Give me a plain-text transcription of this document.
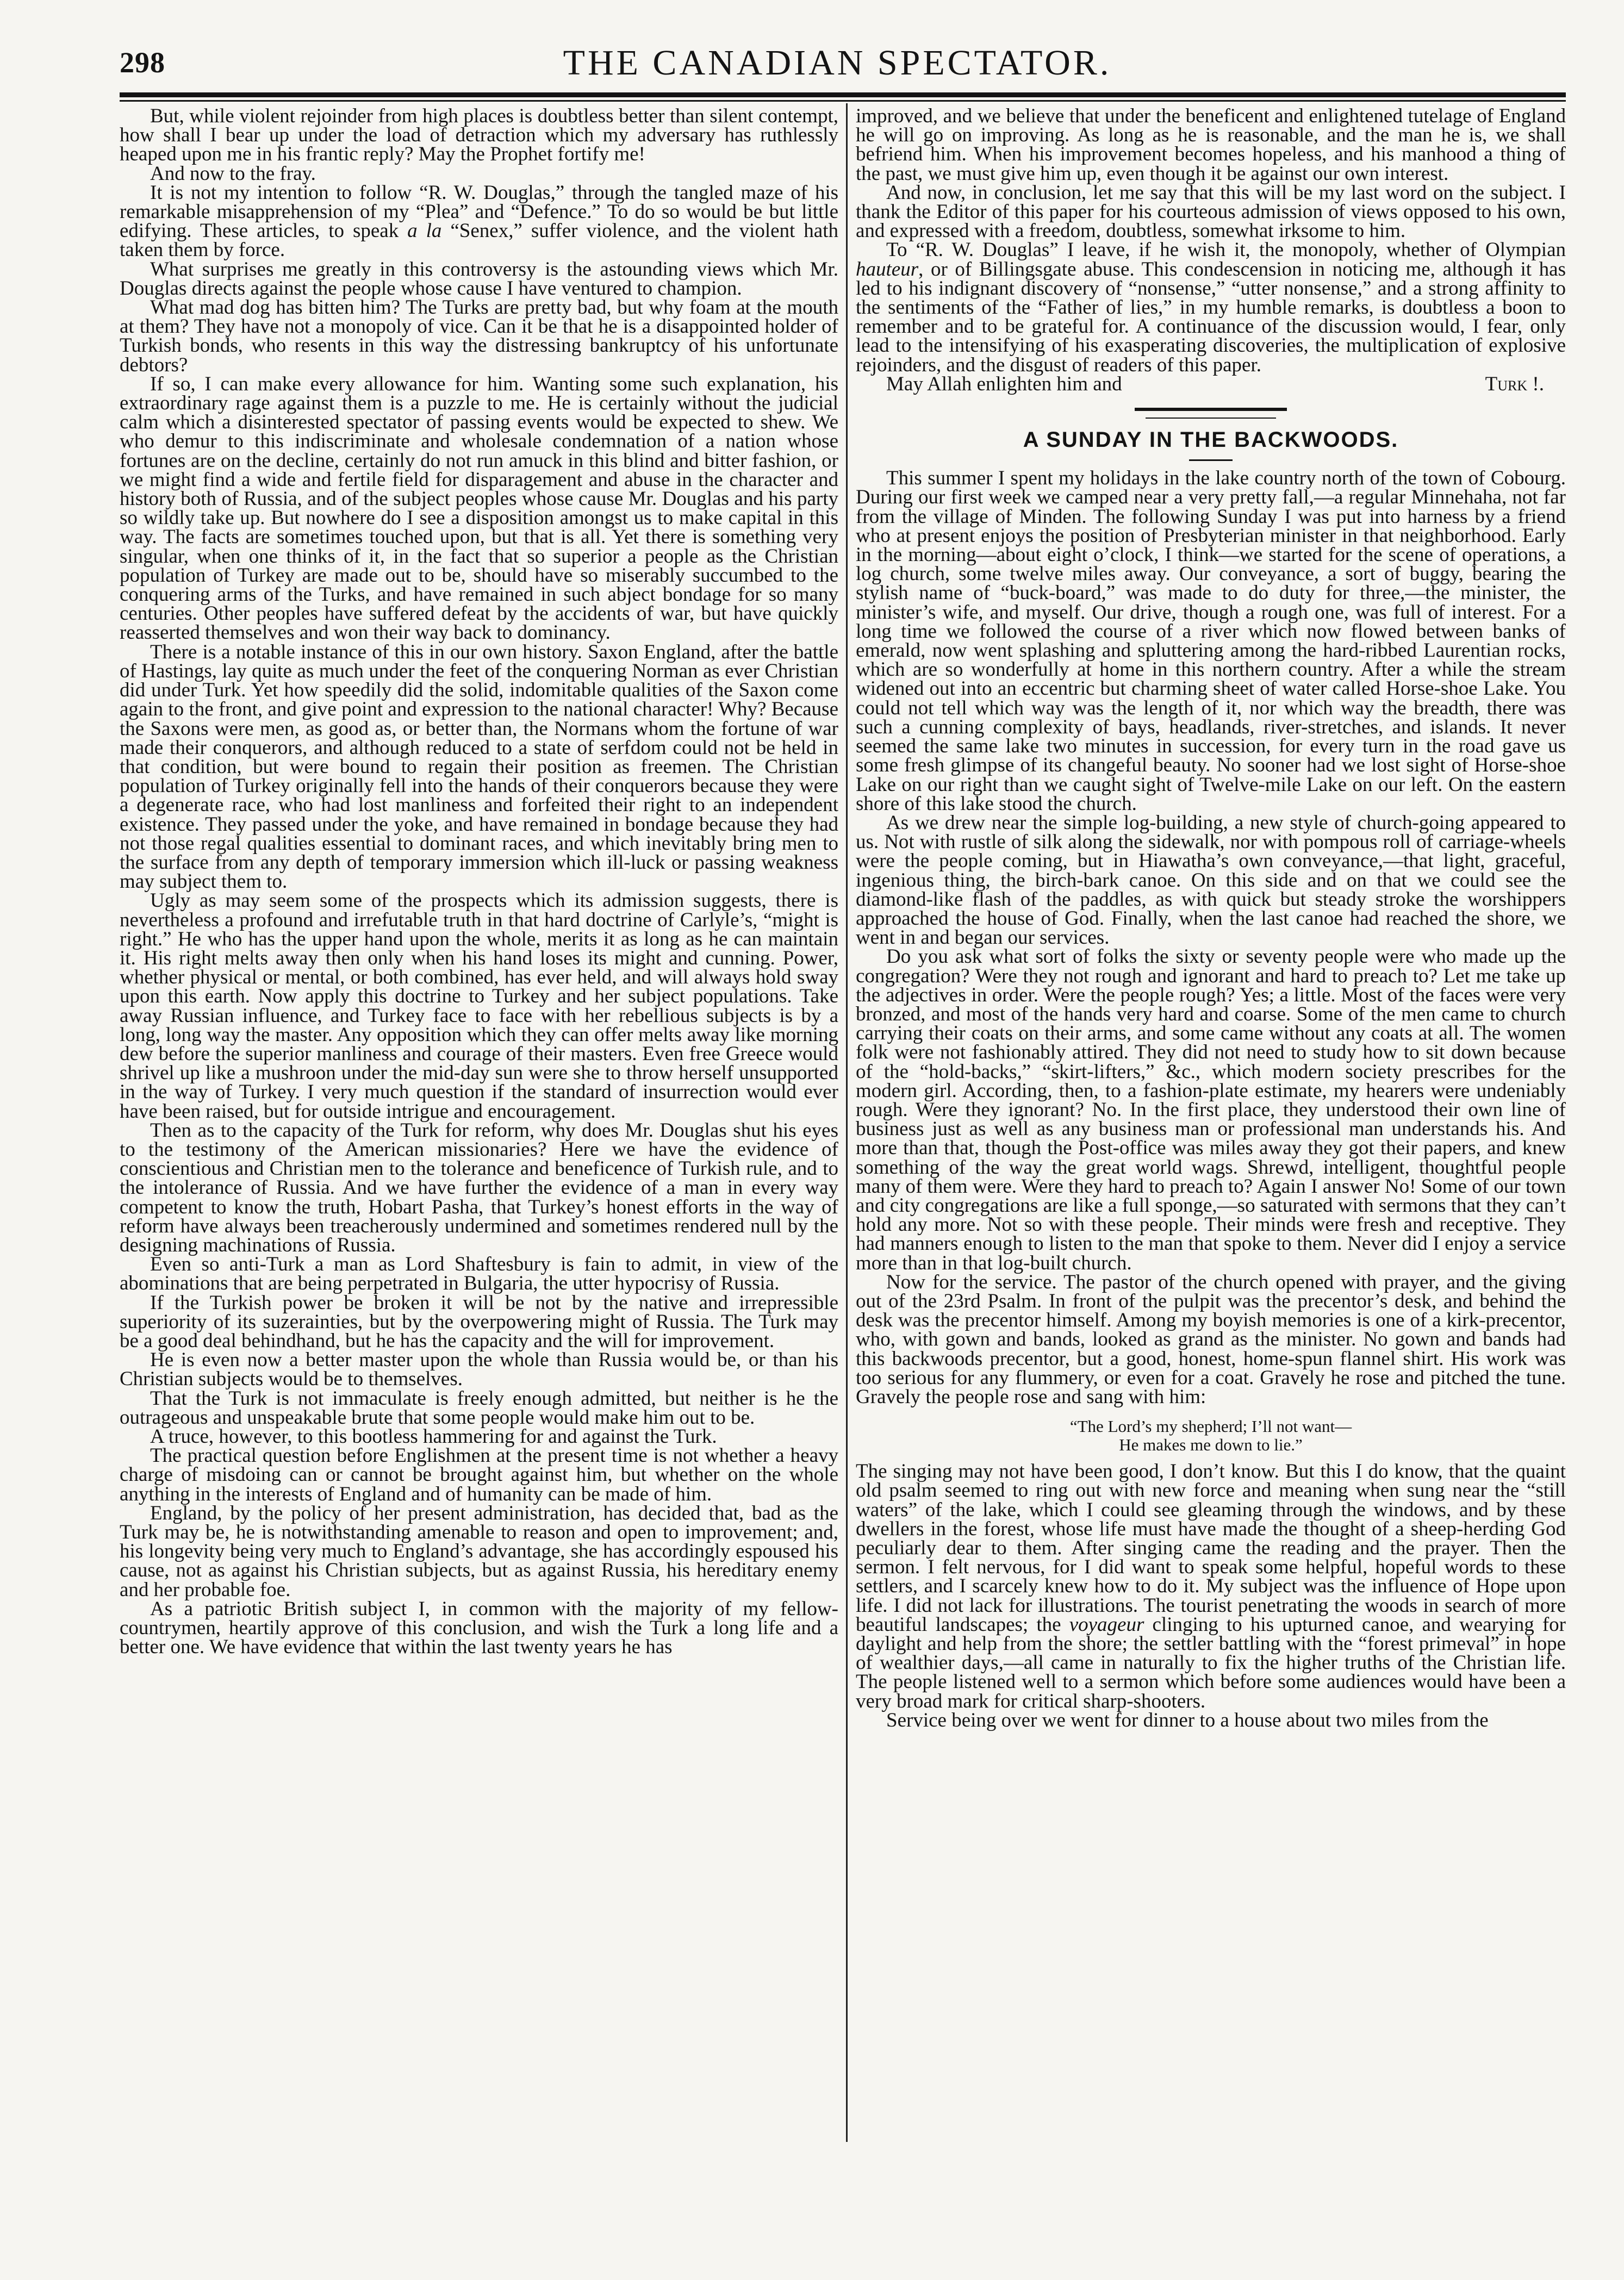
298	THE CANADIAN SPECTATOR.

But, while violent rejoinder from high places is doubtless better than silent contempt, how shall I bear up under the load of detraction which my adversary has ruthlessly heaped upon me in his frantic reply? May the Prophet fortify me!

And now to the fray.

It is not my intention to follow “R. W. Douglas,” through the tangled maze of his remarkable misapprehension of my “Plea” and “Defence.” To do so would be but little edifying. These articles, to speak a la “Senex,” suffer violence, and the violent hath taken them by force.

What surprises me greatly in this controversy is the astounding views which Mr. Douglas directs against the people whose cause I have ventured to champion.

What mad dog has bitten him? The Turks are pretty bad, but why foam at the mouth at them? They have not a monopoly of vice. Can it be that he is a disappointed holder of Turkish bonds, who resents in this way the distressing bankruptcy of his unfortunate debtors?

If so, I can make every allowance for him. Wanting some such explanation, his extraordinary rage against them is a puzzle to me. He is certainly without the judicial calm which a disinterested spectator of passing events would be expected to shew. We who demur to this indiscriminate and wholesale condemnation of a nation whose fortunes are on the decline, certainly do not run amuck in this blind and bitter fashion, or we might find a wide and fertile field for disparagement and abuse in the character and history both of Russia, and of the subject peoples whose cause Mr. Douglas and his party so wildly take up. But nowhere do I see a disposition amongst us to make capital in this way. The facts are sometimes touched upon, but that is all. Yet there is something very singular, when one thinks of it, in the fact that so superior a people as the Christian population of Turkey are made out to be, should have so miserably succumbed to the conquering arms of the Turks, and have remained in such abject bondage for so many centuries. Other peoples have suffered defeat by the accidents of war, but have quickly reasserted themselves and won their way back to dominancy.

There is a notable instance of this in our own history. Saxon England, after the battle of Hastings, lay quite as much under the feet of the conquering Norman as ever Christian did under Turk. Yet how speedily did the solid, indomitable qualities of the Saxon come again to the front, and give point and expression to the national character! Why? Because the Saxons were men, as good as, or better than, the Normans whom the fortune of war made their conquerors, and although reduced to a state of serfdom could not be held in that condition, but were bound to regain their position as freemen. The Christian population of Turkey originally fell into the hands of their conquerors because they were a degenerate race, who had lost manliness and forfeited their right to an independent existence. They passed under the yoke, and have remained in bondage because they had not those regal qualities essential to dominant races, and which inevitably bring men to the surface from any depth of temporary immersion which ill-luck or passing weakness may subject them to.

Ugly as may seem some of the prospects which its admission suggests, there is nevertheless a profound and irrefutable truth in that hard doctrine of Carlyle’s, “might is right.” He who has the upper hand upon the whole, merits it as long as he can maintain it. His right melts away then only when his hand loses its might and cunning. Power, whether physical or mental, or both combined, has ever held, and will always hold sway upon this earth. Now apply this doctrine to Turkey and her subject populations. Take away Russian influence, and Turkey face to face with her rebellious subjects is by a long, long way the master. Any opposition which they can offer melts away like morning dew before the superior manliness and courage of their masters. Even free Greece would shrivel up like a mushroon under the mid-day sun were she to throw herself unsupported in the way of Turkey. I very much question if the standard of insurrection would ever have been raised, but for outside intrigue and encouragement.

Then as to the capacity of the Turk for reform, why does Mr. Douglas shut his eyes to the testimony of the American missionaries? Here we have the evidence of conscientious and Christian men to the tolerance and beneficence of Turkish rule, and to the intolerance of Russia. And we have further the evidence of a man in every way competent to know the truth, Hobart Pasha, that Turkey’s honest efforts in the way of reform have always been treacherously undermined and sometimes rendered null by the designing machinations of Russia.

Even so anti-Turk a man as Lord Shaftesbury is fain to admit, in view of the abominations that are being perpetrated in Bulgaria, the utter hypocrisy of Russia.

If the Turkish power be broken it will be not by the native and irrepressible superiority of its suzerainties, but by the overpowering might of Russia. The Turk may be a good deal behindhand, but he has the capacity and the will for improvement.

He is even now a better master upon the whole than Russia would be, or than his Christian subjects would be to themselves.

That the Turk is not immaculate is freely enough admitted, but neither is he the outrageous and unspeakable brute that some people would make him out to be.

A truce, however, to this bootless hammering for and against the Turk.

The practical question before Englishmen at the present time is not whether a heavy charge of misdoing can or cannot be brought against him, but whether on the whole anything in the interests of England and of humanity can be made of him.

England, by the policy of her present administration, has decided that, bad as the Turk may be, he is notwithstanding amenable to reason and open to improvement; and, his longevity being very much to England’s advantage, she has accordingly espoused his cause, not as against his Christian subjects, but as against Russia, his hereditary enemy and her probable foe.

As a patriotic British subject I, in common with the majority of my fellow-countrymen, heartily approve of this conclusion, and wish the Turk a long life and a better one. We have evidence that within the last twenty years he has

improved, and we believe that under the beneficent and enlightened tutelage of England he will go on improving. As long as he is reasonable, and the man he is, we shall befriend him. When his improvement becomes hopeless, and his manhood a thing of the past, we must give him up, even though it be against our own interest.

And now, in conclusion, let me say that this will be my last word on the subject. I thank the Editor of this paper for his courteous admission of views opposed to his own, and expressed with a freedom, doubtless, somewhat irksome to him.

To “R. W. Douglas” I leave, if he wish it, the monopoly, whether of Olympian hauteur, or of Billingsgate abuse. This condescension in noticing me, although it has led to his indignant discovery of “nonsense,” “utter nonsense,” and a strong affinity to the sentiments of the “Father of lies,” in my humble remarks, is doubtless a boon to remember and to be grateful for. A continuance of the discussion would, I fear, only lead to the intensifying of his exasperating discoveries, the multiplication of explosive rejoinders, and the disgust of readers of this paper.

May Allah enlighten him and	Turk !.

A SUNDAY IN THE BACKWOODS.

This summer I spent my holidays in the lake country north of the town of Cobourg. During our first week we camped near a very pretty fall,—a regular Minnehaha, not far from the village of Minden. The following Sunday I was put into harness by a friend who at present enjoys the position of Presbyterian minister in that neighborhood. Early in the morning—about eight o’clock, I think—we started for the scene of operations, a log church, some twelve miles away. Our conveyance, a sort of buggy, bearing the stylish name of “buck-board,” was made to do duty for three,—the minister, the minister’s wife, and myself. Our drive, though a rough one, was full of interest. For a long time we followed the course of a river which now flowed between banks of emerald, now went splashing and spluttering among the hard-ribbed Laurentian rocks, which are so wonderfully at home in this northern country. After a while the stream widened out into an eccentric but charming sheet of water called Horse-shoe Lake. You could not tell which way was the length of it, nor which way the breadth, there was such a cunning complexity of bays, headlands, river-stretches, and islands. It never seemed the same lake two minutes in succession, for every turn in the road gave us some fresh glimpse of its changeful beauty. No sooner had we lost sight of Horse-shoe Lake on our right than we caught sight of Twelve-mile Lake on our left. On the eastern shore of this lake stood the church.

As we drew near the simple log-building, a new style of church-going appeared to us. Not with rustle of silk along the sidewalk, nor with pompous roll of carriage-wheels were the people coming, but in Hiawatha’s own conveyance,—that light, graceful, ingenious thing, the birch-bark canoe. On this side and on that we could see the diamond-like flash of the paddles, as with quick but steady stroke the worshippers approached the house of God. Finally, when the last canoe had reached the shore, we went in and began our services.

Do you ask what sort of folks the sixty or seventy people were who made up the congregation? Were they not rough and ignorant and hard to preach to? Let me take up the adjectives in order. Were the people rough? Yes; a little. Most of the faces were very bronzed, and most of the hands very hard and coarse. Some of the men came to church carrying their coats on their arms, and some came without any coats at all. The women folk were not fashionably attired. They did not need to study how to sit down because of the “hold-backs,” “skirt-lifters,” &c., which modern society prescribes for the modern girl. According, then, to a fashion-plate estimate, my hearers were undeniably rough. Were they ignorant? No. In the first place, they understood their own line of business just as well as any business man or professional man understands his. And more than that, though the Post-office was miles away they got their papers, and knew something of the way the great world wags. Shrewd, intelligent, thoughtful people many of them were. Were they hard to preach to? Again I answer No! Some of our town and city congregations are like a full sponge,—so saturated with sermons that they can’t hold any more. Not so with these people. Their minds were fresh and receptive. They had manners enough to listen to the man that spoke to them. Never did I enjoy a service more than in that log-built church.

Now for the service. The pastor of the church opened with prayer, and the giving out of the 23rd Psalm. In front of the pulpit was the precentor’s desk, and behind the desk was the precentor himself. Among my boyish memories is one of a kirk-precentor, who, with gown and bands, looked as grand as the minister. No gown and bands had this backwoods precentor, but a good, honest, home-spun flannel shirt. His work was too serious for any flummery, or even for a coat. Gravely he rose and pitched the tune. Gravely the people rose and sang with him:

“The Lord’s my shepherd; I’ll not want—
He makes me down to lie.”

The singing may not have been good, I don’t know. But this I do know, that the quaint old psalm seemed to ring out with new force and meaning when sung near the “still waters” of the lake, which I could see gleaming through the windows, and by these dwellers in the forest, whose life must have made the thought of a sheep-herding God peculiarly dear to them. After singing came the reading and the prayer. Then the sermon. I felt nervous, for I did want to speak some helpful, hopeful words to these settlers, and I scarcely knew how to do it. My subject was the influence of Hope upon life. I did not lack for illustrations. The tourist penetrating the woods in search of more beautiful landscapes; the voyageur clinging to his upturned canoe, and wearying for daylight and help from the shore; the settler battling with the “forest primeval” in hope of wealthier days,—all came in naturally to fix the higher truths of the Christian life. The people listened well to a sermon which before some audiences would have been a very broad mark for critical sharp-shooters.

Service being over we went for dinner to a house about two miles from the
